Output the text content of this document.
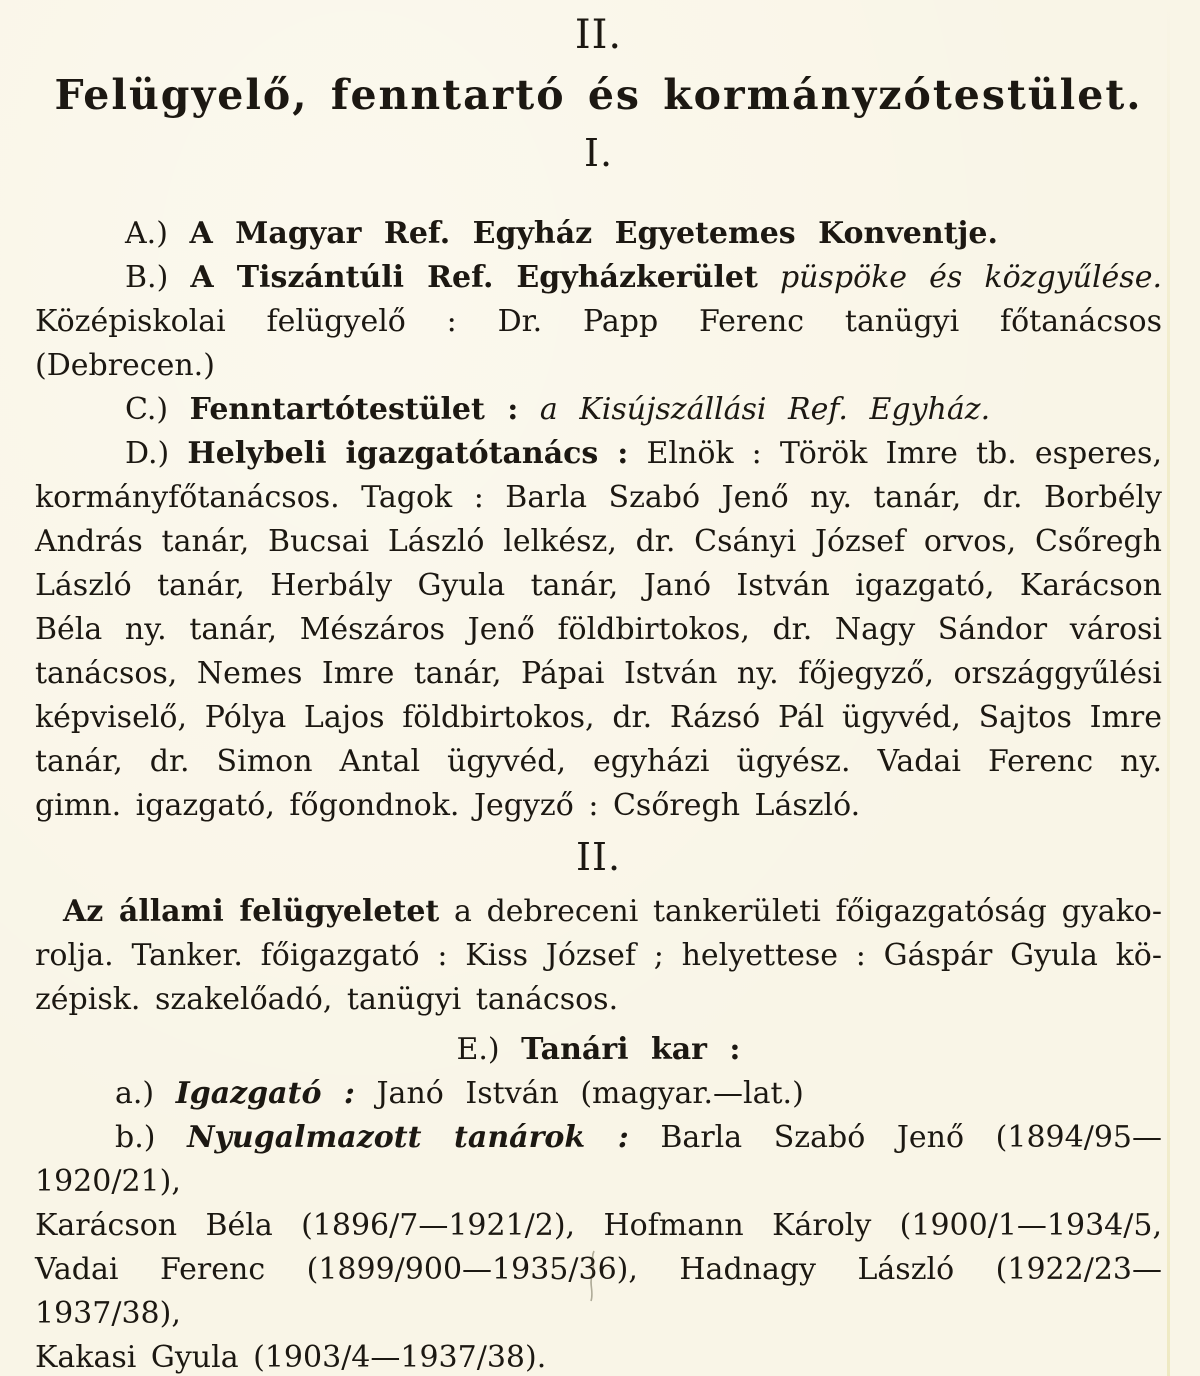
II.
Felügyelő, fenntartó és kormányzótestület.
I.
A.) A Magyar Ref. Egyház Egyetemes Konventje.
B.) A Tiszántúli Ref. Egyházkerület püspöke és közgyűlése.
Középiskolai felügyelő : Dr. Papp Ferenc tanügyi főtanácsos (Debrecen.)
C.) Fenntartótestület : a Kisújszállási Ref. Egyház.
D.) Helybeli igazgatótanács : Elnök : Török Imre tb. esperes,
kormányfőtanácsos. Tagok : Barla Szabó Jenő ny. tanár, dr. Borbély
András tanár, Bucsai László lelkész, dr. Csányi József orvos, Csőregh
László tanár, Herbály Gyula tanár, Janó István igazgató, Karácson
Béla ny. tanár, Mészáros Jenő földbirtokos, dr. Nagy Sándor városi
tanácsos, Nemes Imre tanár, Pápai István ny. főjegyző, országgyűlési
képviselő, Pólya Lajos földbirtokos, dr. Rázsó Pál ügyvéd, Sajtos Imre
tanár, dr. Simon Antal ügyvéd, egyházi ügyész. Vadai Ferenc ny.
gimn. igazgató, főgondnok. Jegyző : Csőregh László.
II.
Az állami felügyeletet a debreceni tankerületi főigazgatóság gyako-
rolja. Tanker. főigazgató : Kiss József ; helyettese : Gáspár Gyula kö-
zépisk. szakelőadó, tanügyi tanácsos.
E.) Tanári kar :
a.) Igazgató : Janó István (magyar.—lat.)
b.) Nyugalmazott tanárok : Barla Szabó Jenő (1894/95—1920/21),
Karácson Béla (1896/7—1921/2), Hofmann Károly (1900/1—1934/5,
Vadai Ferenc (1899/900—1935/36), Hadnagy László (1922/23—1937/38),
Kakasi Gyula (1903/4—1937/38).
